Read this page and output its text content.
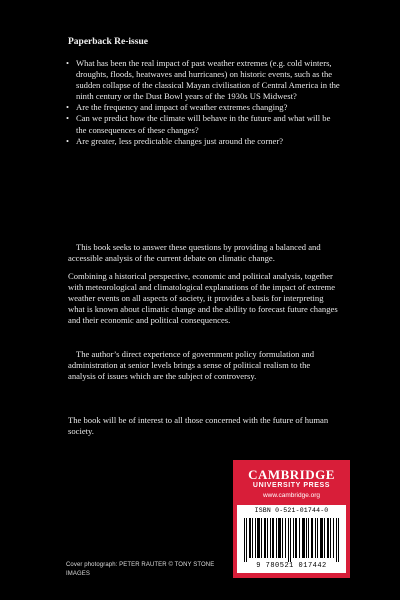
Paperback Re-issue
• What has been the real impact of past weather extremes (e.g. cold winters, droughts, floods, heatwaves and hurricanes) on historic events, such as the sudden collapse of the classical Mayan civilisation of Central America in the ninth century or the Dust Bowl years of the 1930s US Midwest?
• Are the frequency and impact of weather extremes changing?
• Can we predict how the climate will behave in the future and what will be the consequences of these changes?
• Are greater, less predictable changes just around the corner?

This book seeks to answer these questions by providing a balanced and accessible analysis of the current debate on climatic change.

Combining a historical perspective, economic and political analysis, together with meteorological and climatological explanations of the impact of extreme weather events on all aspects of society, it provides a basis for interpreting what is known about climatic change and the ability to forecast future changes and their economic and political consequences.

The author’s direct experience of government policy formulation and administration at senior levels brings a sense of political realism to the analysis of issues which are the subject of controversy.

The book will be of interest to all those concerned with the future of human society.

CAMBRIDGE
UNIVERSITY PRESS
www.cambridge.org
ISBN 0-521-01744-0
9 780521 017442
Cover photograph: PETER RAUTER © TONY STONE IMAGES
